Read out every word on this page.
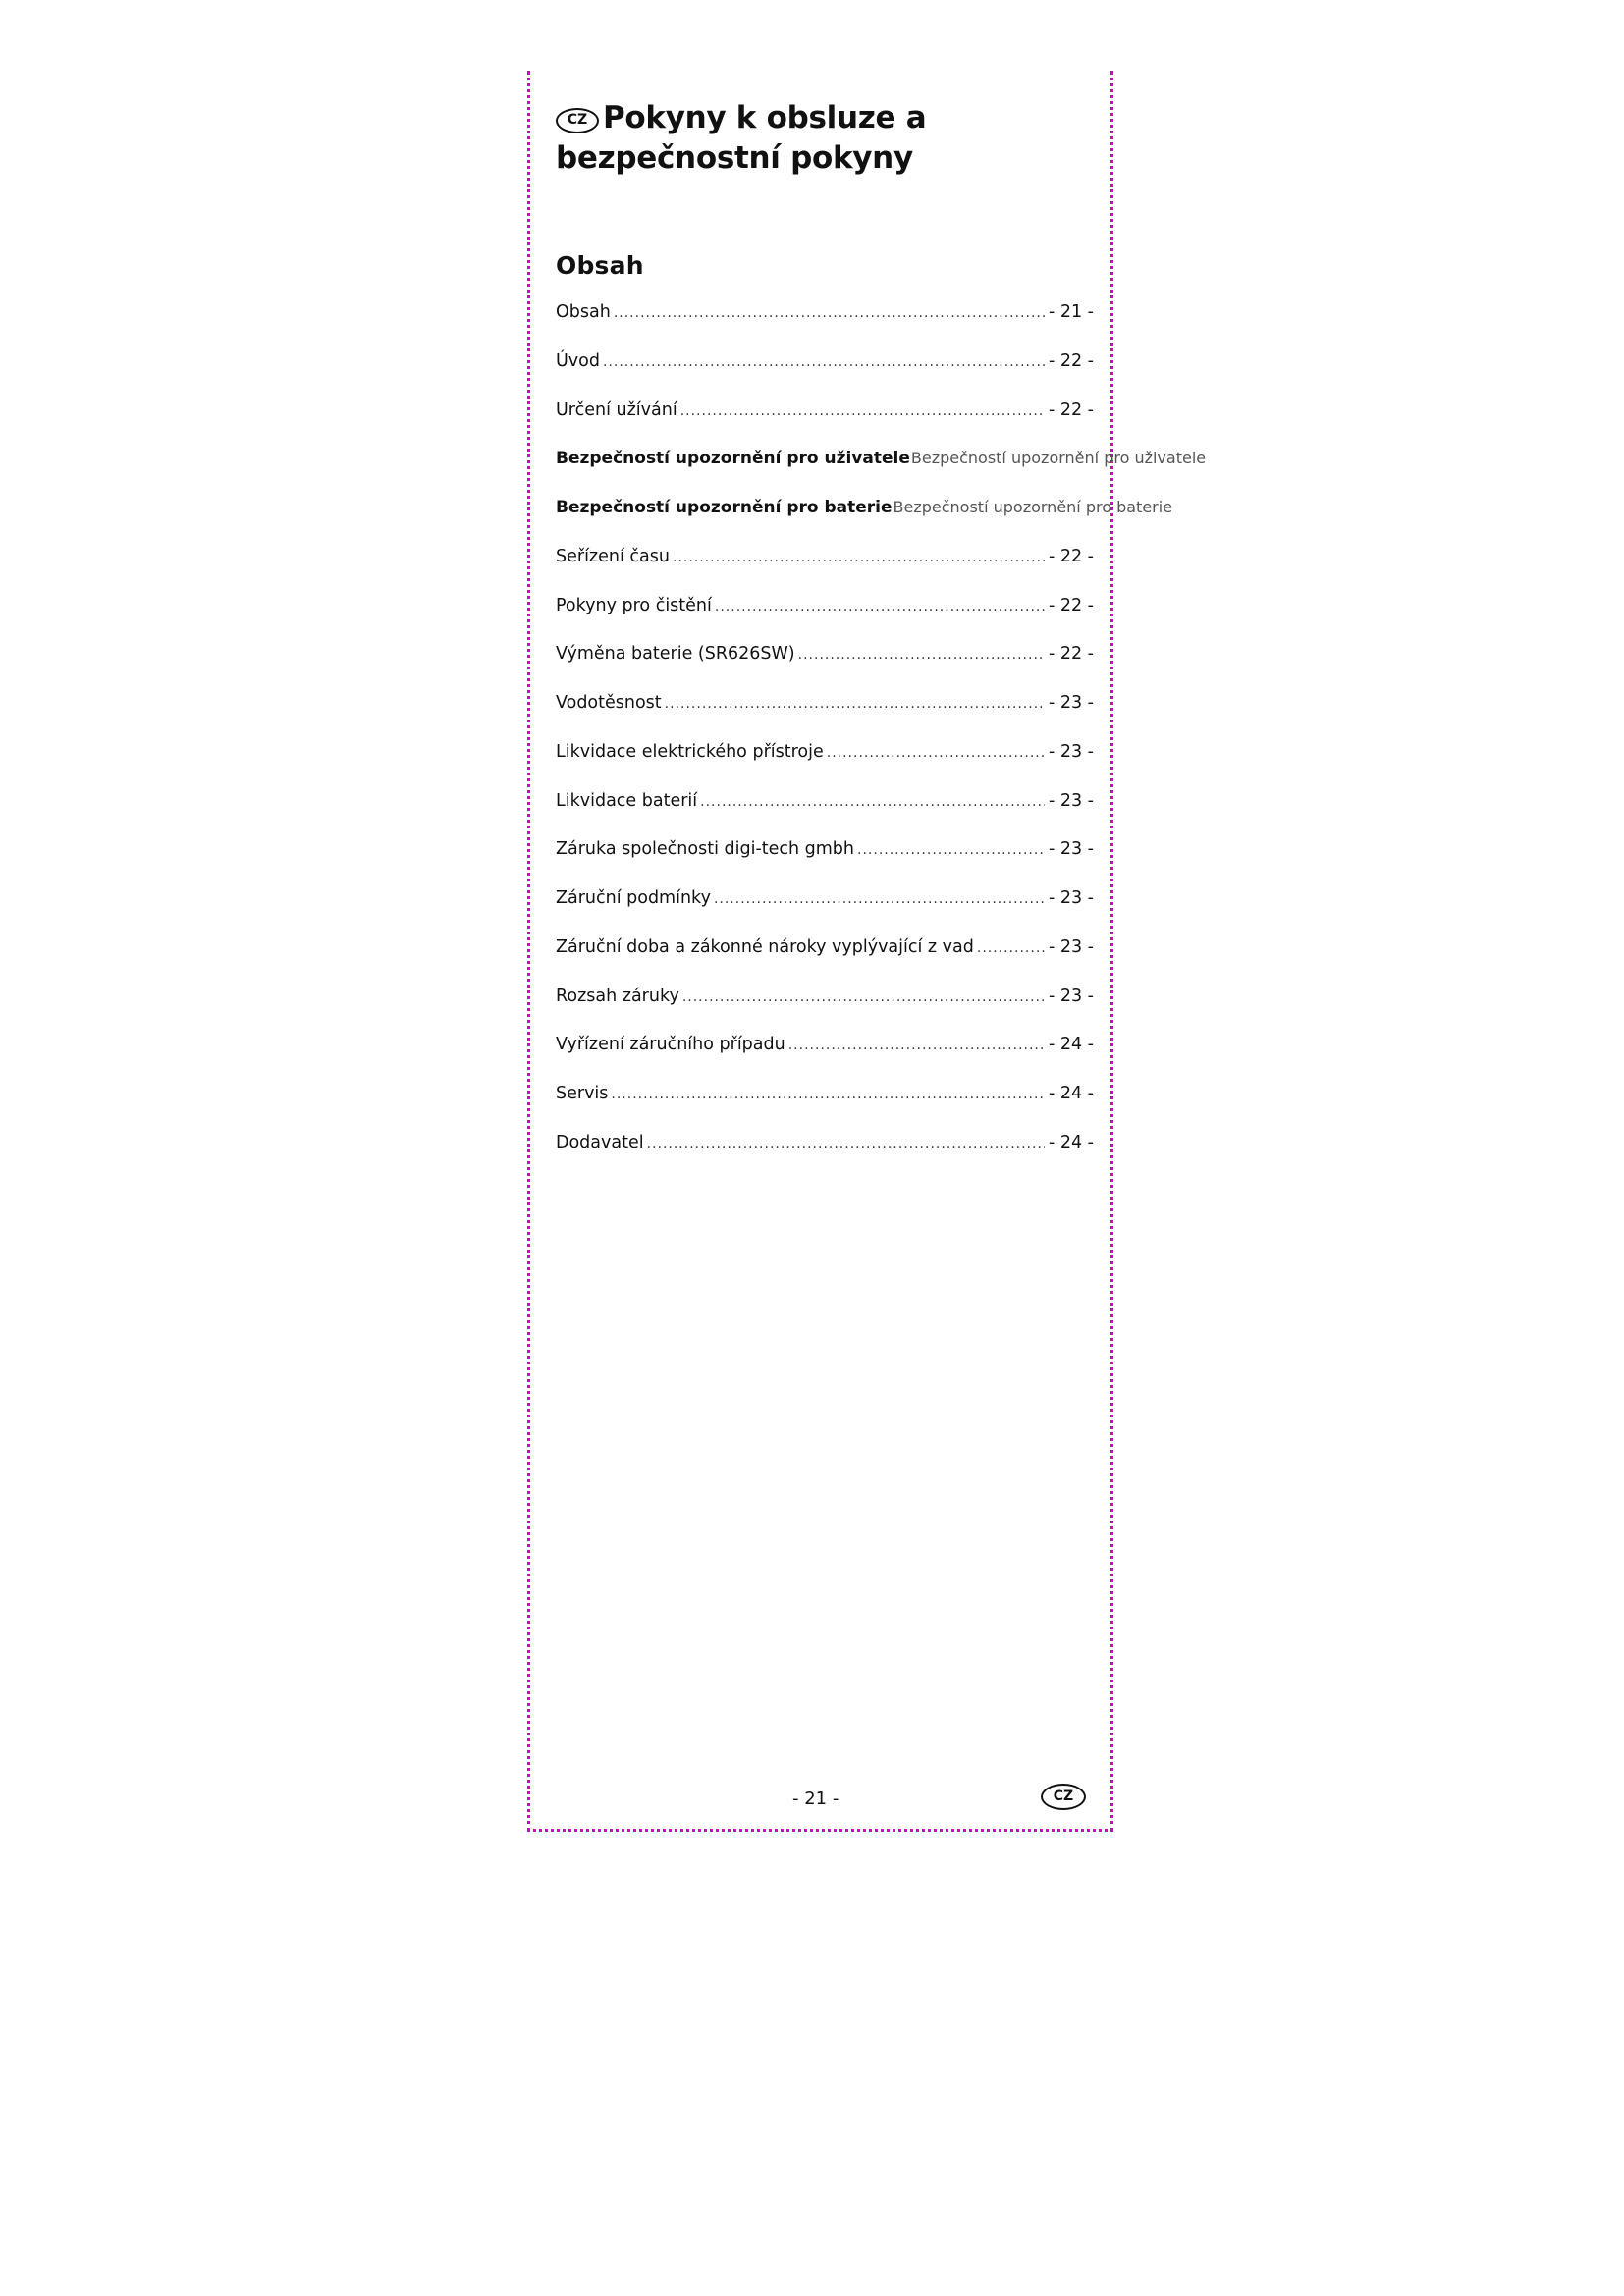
CZ Pokyny k obsluze a
bezpečnostní pokyny
Obsah
Obsah .....	- 21 -
Úvod .....	- 22 -
Určení užívání .....	- 22 -
Bezpečností upozornění pro uživatele Bezpečností upozornění pro uživatele
Bezpečností upozornění pro baterie Bezpečností upozornění pro baterie
Seřízení času .....	- 22 -
Pokyny pro čistění .....	- 22 -
Výměna baterie (SR626SW) .....	- 22 -
Vodotěsnost .....	- 23 -
Likvidace elektrického přístroje .....	- 23 -
Likvidace baterií .....	- 23 -
Záruka společnosti digi-tech gmbh .....	- 23 -
Záruční podmínky .....	- 23 -
Záruční doba a zákonné nároky vyplývající z vad .....	- 23 -
Rozsah záruky .....	- 23 -
Vyřízení záručního případu .....	- 24 -
Servis .....	- 24 -
Dodavatel .....	- 24 -
- 21 -	CZ
